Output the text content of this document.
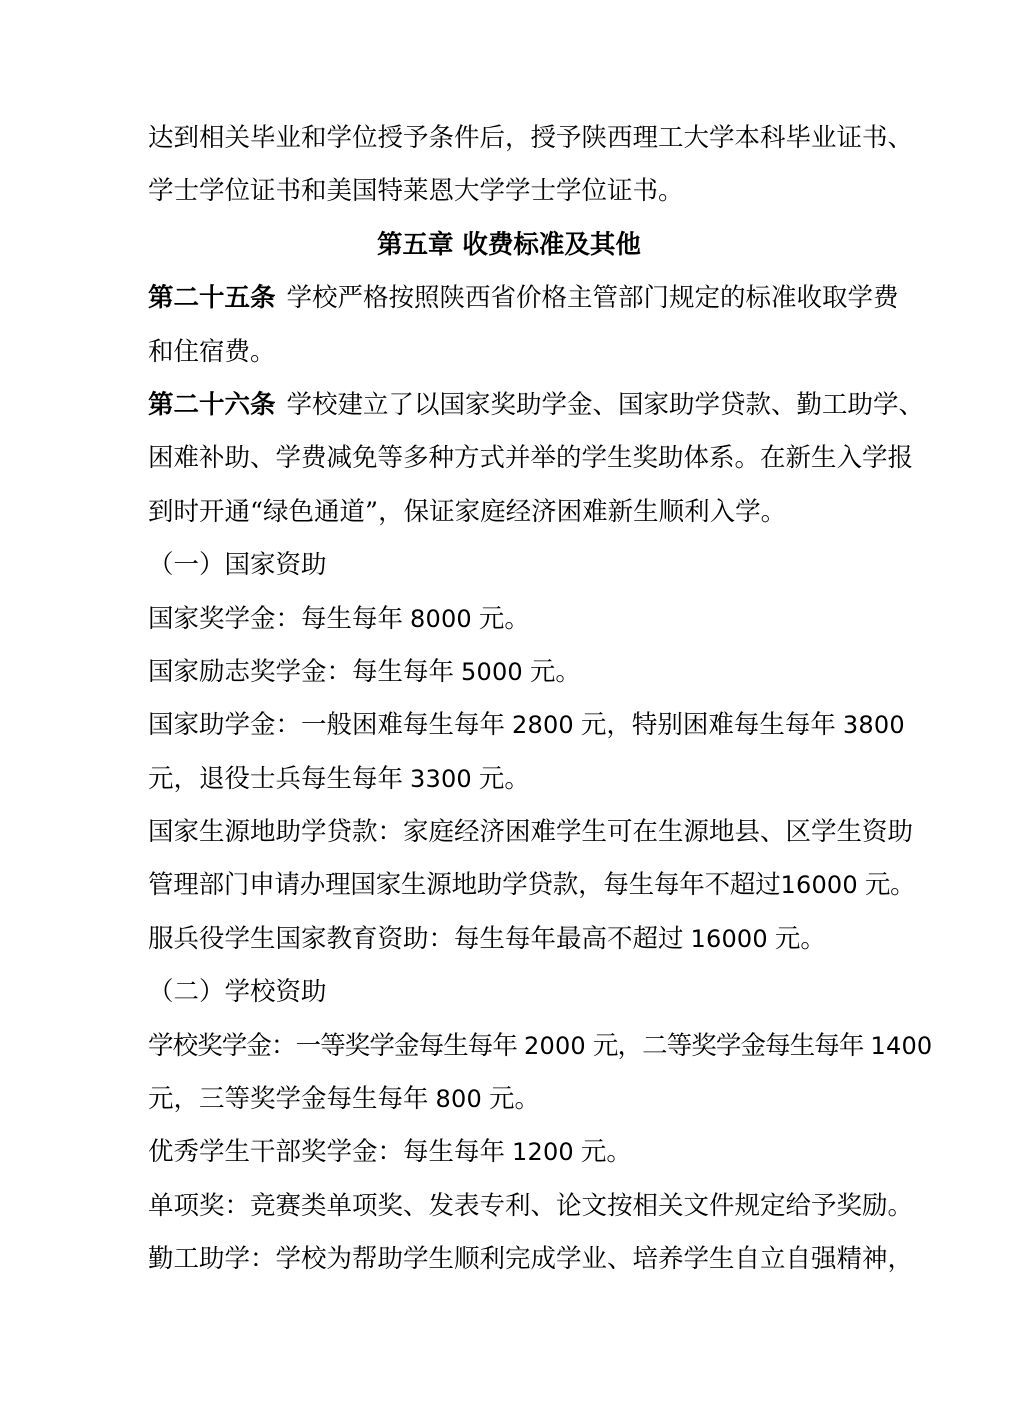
达到相关毕业和学位授予条件后，授予陕西理工大学本科毕业证 书、
学士学位证书和美国特莱恩大学学士学位证书。
第五章 收费标准及其他
第二十五条 学校严格按照陕西省价格主管部门规定的标准收取学 费
和住宿费。
第二十六条 学校建立了以国家奖助学金、国家助学贷款、勤工助 学、
困难补助、学费减免等多种方式并举的学生奖助体系。在新生入学 报
到时开通“绿色通道”，保证家庭经济困难新生顺利入学。
（一）国家资助
国家奖学金：每生每年 8000 元。
国家励志奖学金：每生每年 5000 元。
国家助学金：一般困难每生每年 2800 元，特别困难每生每年 3800
元，退役士兵每生每年 3300 元。
国家生源地助学贷款：家庭经济困难学生可在生源地县、区学生资 助
管理部门申请办理国家生源地助学贷款，每生每年不超过 16000 元。
服兵役学生国家教育资助：每生每年最高不超过 16000 元。
（二）学校资助
学校奖学金：一等奖学金每生每年 2000 元，二等奖学金每生每年 1400
元，三等奖学金每生每年 800 元。
优秀学生干部奖学金：每生每年 1200 元。
单项奖：竞赛类单项奖、发表专利、论文按相关文件规定给予奖 励。
勤工助学：学校为帮助学生顺利完成学业、培养学生自立自强精 神，
